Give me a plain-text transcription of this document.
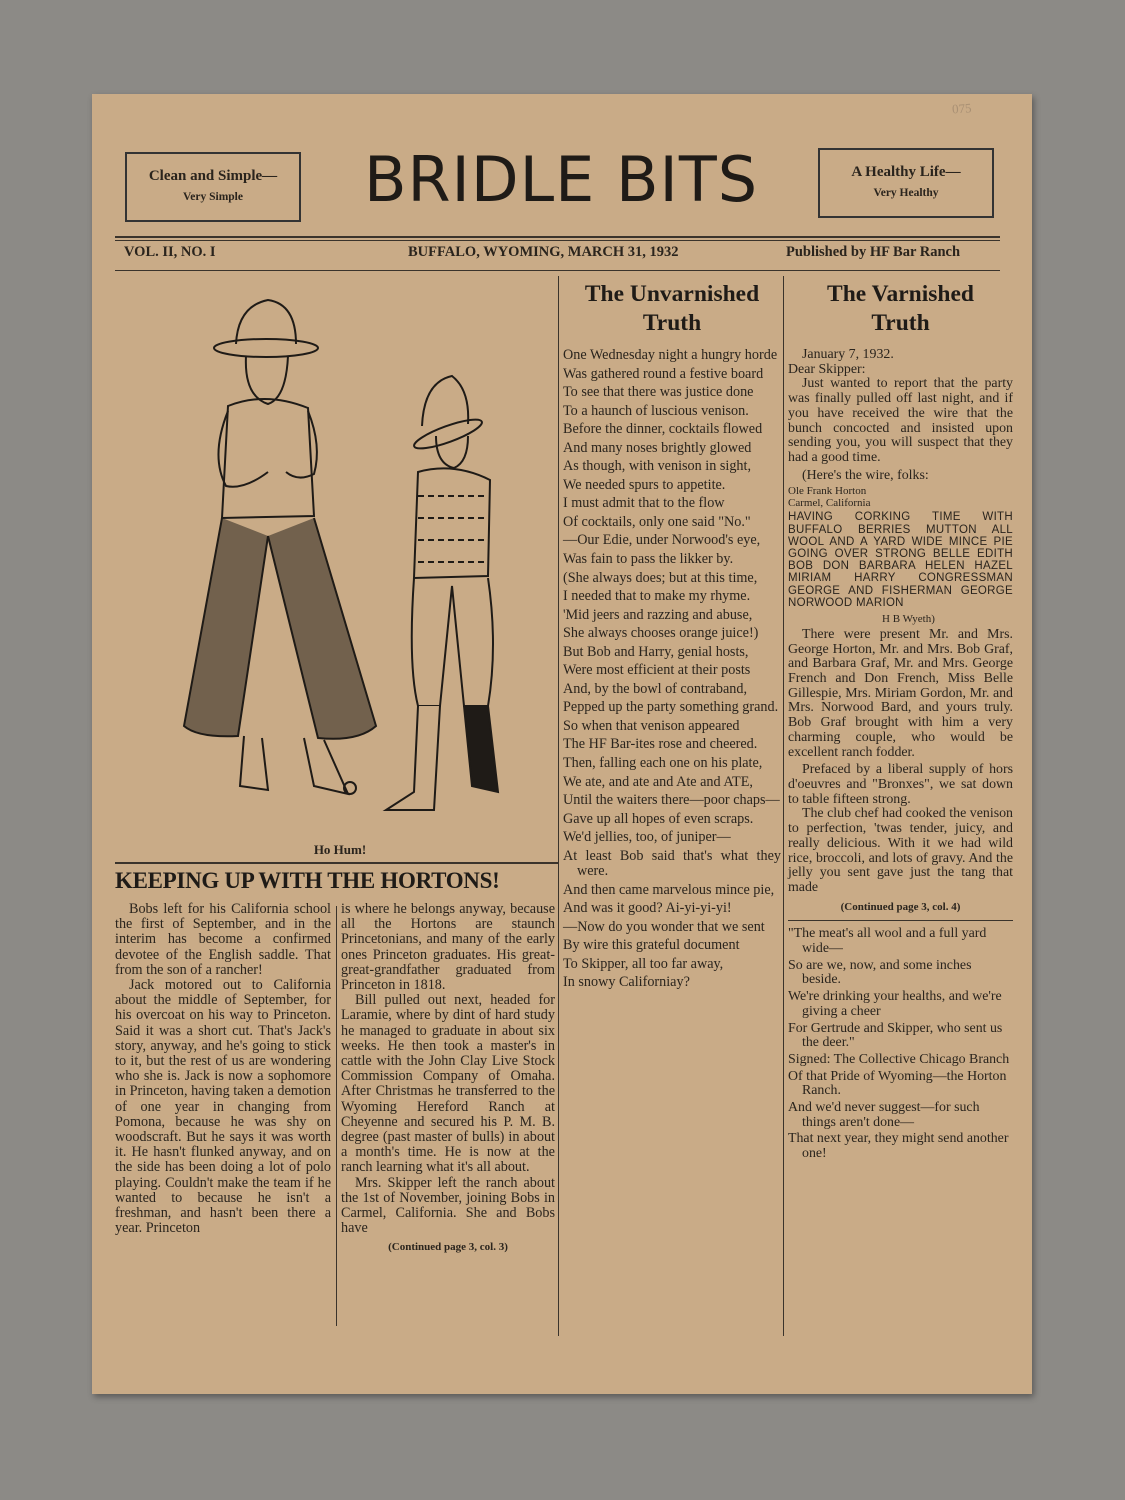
075
Clean and Simple—
Very Simple	BRIDLE BITS	A Healthy Life—
Very Healthy
VOL. II, NO. I	BUFFALO, WYOMING, MARCH 31, 1932	Published by HF Bar Ranch
Ho Hum!
KEEPING UP WITH THE HORTONS!

Bobs left for his California school the first of September, and in the interim has become a confirmed devotee of the English saddle. That from the son of a rancher!

Jack motored out to California about the middle of September, for his overcoat on his way to Princeton. Said it was a short cut. That's Jack's story, anyway, and he's going to stick to it, but the rest of us are wondering who she is. Jack is now a sophomore in Princeton, having taken a demotion of one year in changing from Pomona, because he was shy on woodscraft. But he says it was worth it. He hasn't flunked anyway, and on the side has been doing a lot of polo playing. Couldn't make the team if he wanted to because he isn't a freshman, and hasn't been there a year. Princeton

is where he belongs anyway, because all the Hortons are staunch Princetonians, and many of the early ones Princeton graduates. His great-great-grandfather graduated from Princeton in 1818.

Bill pulled out next, headed for Laramie, where by dint of hard study he managed to graduate in about six weeks. He then took a master's in cattle with the John Clay Live Stock Commission Company of Omaha. After Christmas he transferred to the Wyoming Hereford Ranch at Cheyenne and secured his P. M. B. degree (past master of bulls) in about a month's time. He is now at the ranch learning what it's all about.

Mrs. Skipper left the ranch about the 1st of November, joining Bobs in Carmel, California. She and Bobs have

(Continued page 3, col. 3)

The Unvarnished Truth
One Wednesday night a hungry horde
Was gathered round a festive board
To see that there was justice done
To a haunch of luscious venison.
Before the dinner, cocktails flowed
And many noses brightly glowed
As though, with venison in sight,
We needed spurs to appetite.
I must admit that to the flow
Of cocktails, only one said "No."
—Our Edie, under Norwood's eye,
Was fain to pass the likker by.
(She always does; but at this time,
I needed that to make my rhyme.
'Mid jeers and razzing and abuse,
She always chooses orange juice!)
But Bob and Harry, genial hosts,
Were most efficient at their posts
And, by the bowl of contraband,
Pepped up the party something grand.
So when that venison appeared
The HF Bar-ites rose and cheered.
Then, falling each one on his plate,
We ate, and ate and Ate and ATE,
Until the waiters there—poor chaps—
Gave up all hopes of even scraps.
We'd jellies, too, of juniper—
At least Bob said that's what they were.
And then came marvelous mince pie,
And was it good? Ai-yi-yi-yi!
—Now do you wonder that we sent
By wire this grateful document
To Skipper, all too far away,
In snowy Californiay?
The Varnished Truth

January 7, 1932.

Dear Skipper:

Just wanted to report that the party was finally pulled off last night, and if you have received the wire that the bunch concocted and insisted upon sending you, you will suspect that they had a good time.

(Here's the wire, folks:

Ole Frank Horton
Carmel, California
HAVING CORKING TIME WITH BUFFALO BERRIES MUTTON ALL WOOL AND A YARD WIDE MINCE PIE GOING OVER STRONG BELLE EDITH BOB DON BARBARA HELEN HAZEL MIRIAM HARRY CONGRESSMAN GEORGE AND FISHERMAN GEORGE NORWOOD MARION
H B Wyeth)

There were present Mr. and Mrs. George Horton, Mr. and Mrs. Bob Graf, and Barbara Graf, Mr. and Mrs. George French and Don French, Miss Belle Gillespie, Mrs. Miriam Gordon, Mr. and Mrs. Norwood Bard, and yours truly. Bob Graf brought with him a very charming couple, who would be excellent ranch fodder.

Prefaced by a liberal supply of hors d'oeuvres and "Bronxes", we sat down to table fifteen strong.

The club chef had cooked the venison to perfection, 'twas tender, juicy, and really delicious. With it we had wild rice, broccoli, and lots of gravy. And the jelly you sent gave just the tang that made

(Continued page 3, col. 4)

"The meat's all wool and a full yard wide—
So are we, now, and some inches beside.
We're drinking your healths, and we're giving a cheer
For Gertrude and Skipper, who sent us the deer."
Signed: The Collective Chicago Branch
Of that Pride of Wyoming—the Horton Ranch.
And we'd never suggest—for such things aren't done—
That next year, they might send another one!
